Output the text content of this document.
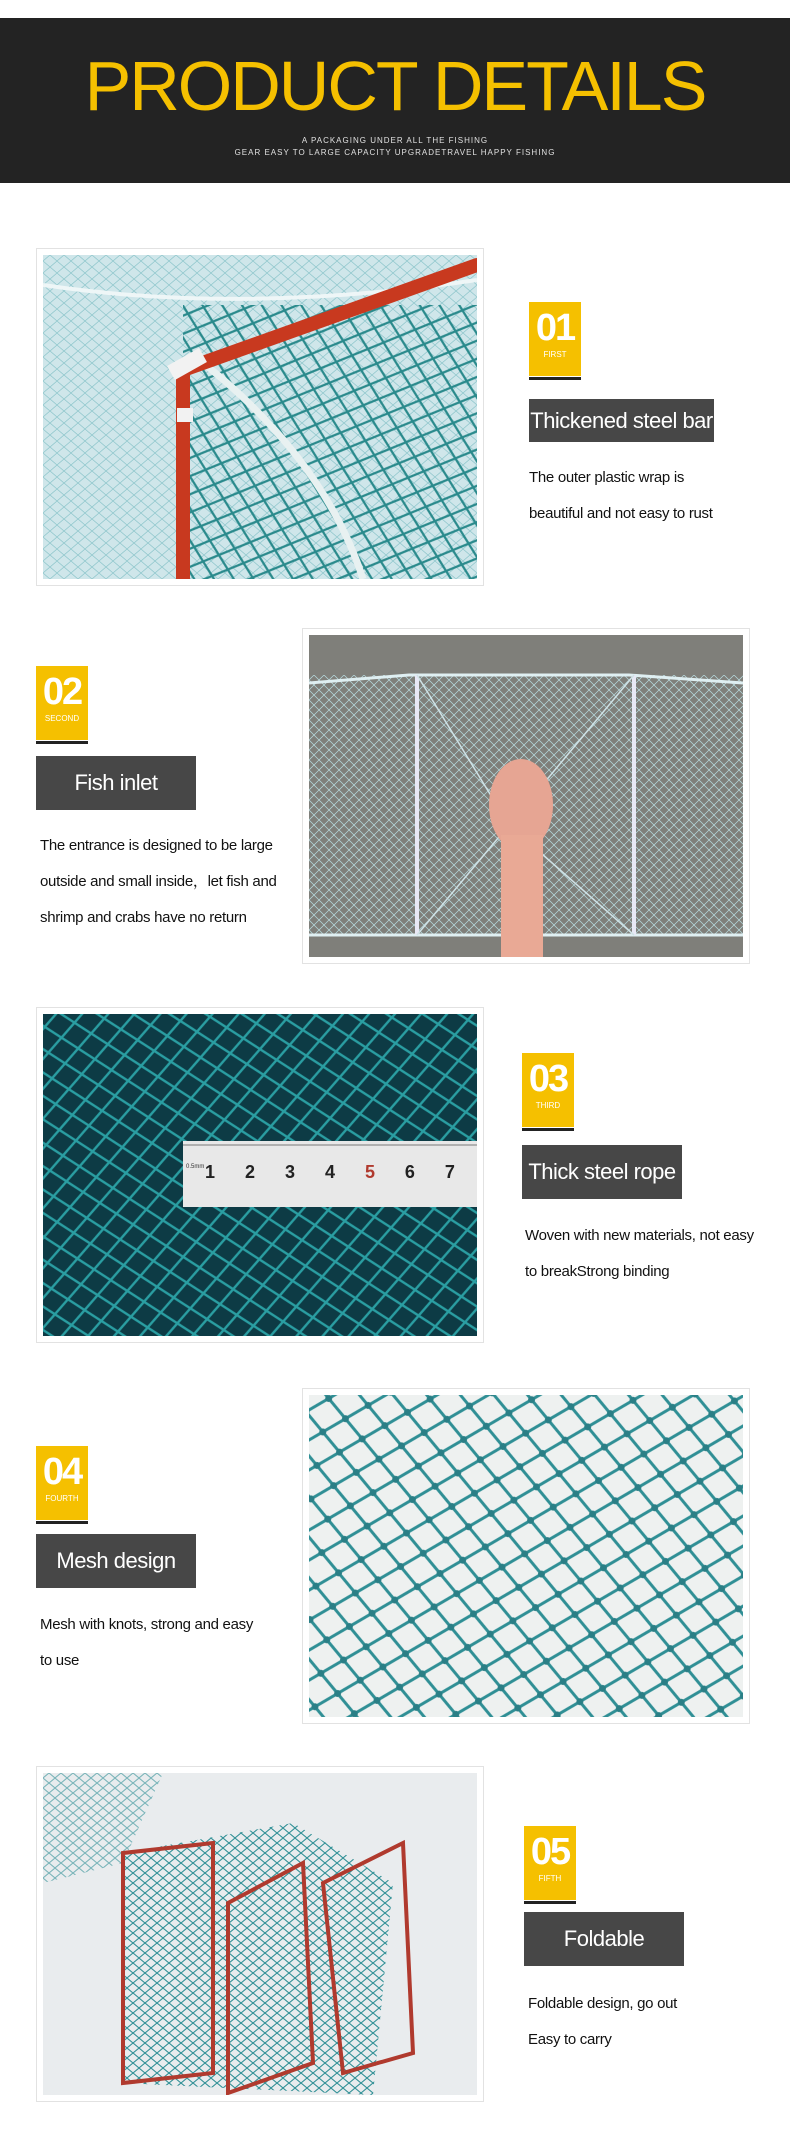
PRODUCT DETAILS
A PACKAGING UNDER ALL THE FISHING
GEAR EASY TO LARGE CAPACITY UPGRADETRAVEL HAPPY FISHING
01
FIRST
Thickened steel bar
The outer plastic wrap is
beautiful and not easy to rust
02
SECOND
Fish inlet
The entrance is designed to be large
outside and small inside，let fish and
shrimp and crabs have no return
1 2 3 4 5 6 7
0.5mm
03
THIRD
Thick steel rope
Woven with new materials, not easy
to breakStrong binding
04
FOURTH
Mesh design
Mesh with knots, strong and easy
to use
05
FIFTH
Foldable
Foldable design, go out
Easy to carry
